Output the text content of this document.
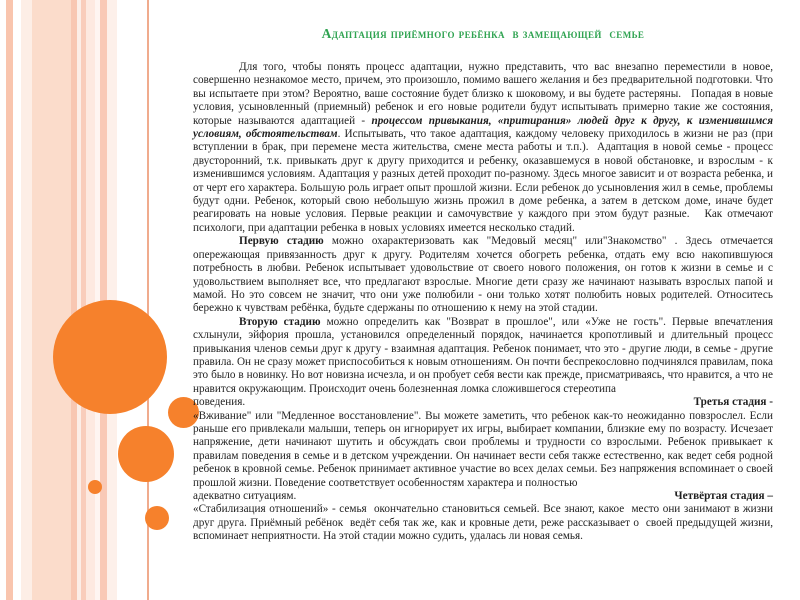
Адаптация приёмного ребёнка  в замещающей  семье

Для того, чтобы понять процесс адаптации, нужно представить, что вас внезапно переместили в новое, совершенно незнакомое место, причем, это произошло, помимо вашего желания и без предварительной подготовки. Что вы испытаете при этом? Вероятно, ваше состояние будет близко к шоковому, и вы будете растеряны.   Попадая в новые условия, усыновленный (приемный) ребенок и его новые родители будут испытывать примерно такие же состояния, которые называются адаптацией - процессом привыкания, «притирания» людей друг к другу, к изменившимся условиям, обстоятельствам. Испытывать, что такое адаптация, каждому человеку приходилось в жизни не раз (при вступлении в брак, при перемене места жительства, смене места работы и т.п.).  Адаптация в новой семье - процесс двусторонний, т.к. привыкать друг к другу приходится и ребенку, оказавшемуся в новой обстановке, и взрослым - к изменившимся условиям. Адаптация у разных детей проходит по-разному. Здесь многое зависит и от возраста ребенка, и от черт его характера. Большую роль играет опыт прошлой жизни. Если ребенок до усыновления жил в семье, проблемы будут одни. Ребенок, который свою небольшую жизнь прожил в доме ребенка, а затем в детском доме, иначе будет реагировать на новые условия. Первые реакции и самочувствие у каждого при этом будут разные.   Как отмечают психологи, при адаптации ребенка в новых условиях имеется несколько стадий.

Первую стадию можно охарактеризовать как "Медовый месяц" или"Знакомство" . Здесь отмечается опережающая привязанность друг к другу. Родителям хочется обогреть ребенка, отдать ему всю накопившуюся потребность в любви. Ребенок испытывает удовольствие от своего нового положения, он готов к жизни в семье и с удовольствием выполняет все, что предлагают взрослые. Многие дети сразу же начинают называть взрослых папой и мамой. Но это совсем не значит, что они уже полюбили - они только хотят полюбить новых родителей. Относитесь бережно к чувствам ребёнка, будьте сдержаны по отношению к нему на этой стадии.

Вторую стадию можно определить как "Возврат в прошлое", или «Уже не гость". Первые впечатления схлынули, эйфория прошла, установился определенный порядок, начинается кропотливый и длительный процесс привыкания членов семьи друг к другу - взаимная адаптация. Ребенок понимает, что это - другие люди, в семье - другие правила. Он не сразу может приспособиться к новым отношениям. Он почти беспрекословно подчинялся правилам, пока это было в новинку. Но вот новизна исчезла, и он пробует себя вести как прежде, присматриваясь, что нравится, а что не нравится окружающим. Происходит очень болезненная ломка сложившегося стереотипа

поведения.	Третья стадия -

«Вживание" или "Медленное восстановление". Вы можете заметить, что ребенок как-то неожиданно повзрослел. Если раньше его привлекали малыши, теперь он игнорирует их игры, выбирает компании, близкие ему по возрасту. Исчезает напряжение, дети начинают шутить и обсуждать свои проблемы и трудности со взрослыми. Ребенок привыкает к правилам поведения в семье и в детском учреждении. Он начинает вести себя также естественно, как ведет себя родной ребенок в кровной семье. Ребенок принимает активное участие во всех делах семьи. Без напряжения вспоминает о своей прошлой жизни. Поведение соответствует особенностям характера и полностью

адекватно ситуациям.	Четвёртая стадия –

«Стабилизация отношений» - семья  окончательно становиться семьей. Все знают, какое  место они занимают в жизни друг друга. Приёмный ребёнок  ведёт себя так же, как и кровные дети, реже рассказывает о  своей предыдущей жизни, вспоминает неприятности. На этой стадии можно судить, удалась ли новая семья.
